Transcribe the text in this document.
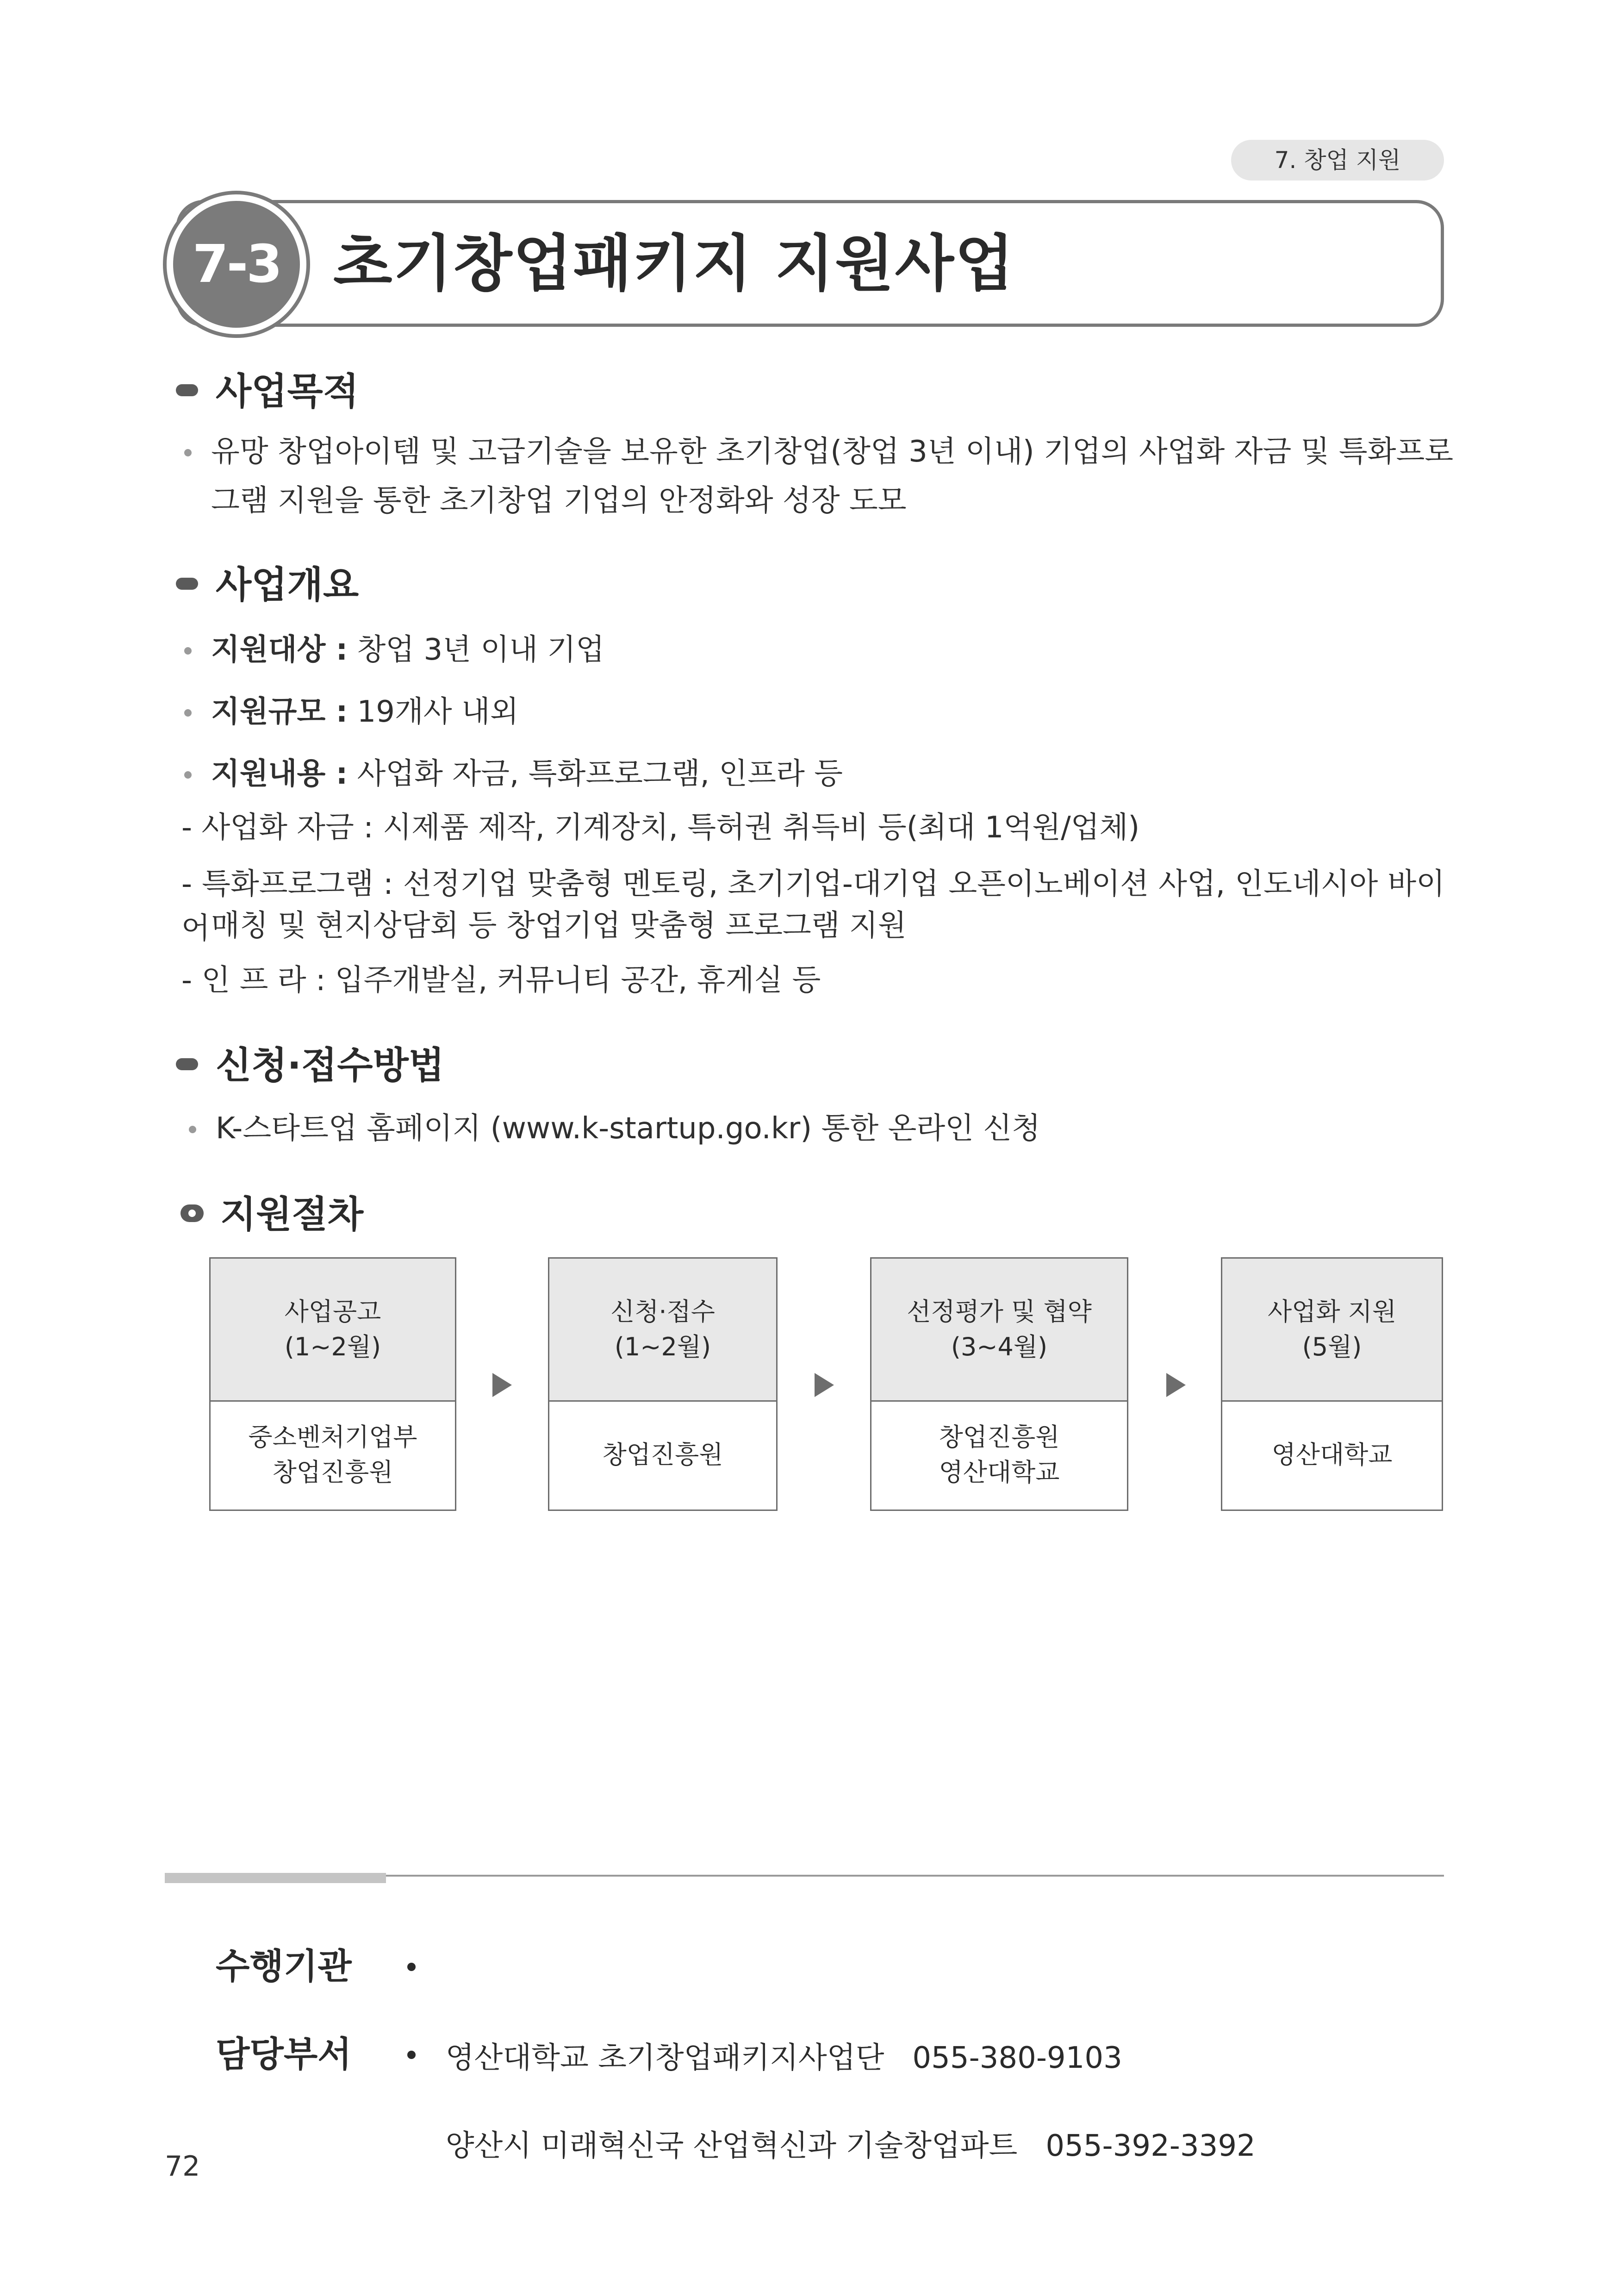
7. 창업 지원
7-3 초기창업패키지 지원사업
사업목적
유망 창업아이템 및 고급기술을 보유한 초기창업(창업 3년 이내) 기업의 사업화 자금 및 특화프로
그램 지원을 통한 초기창업 기업의 안정화와 성장 도모
사업개요
지원대상 : 창업 3년 이내 기업
지원규모 : 19개사 내외
지원내용 : 사업화 자금, 특화프로그램, 인프라 등
- 사업화 자금 : 시제품 제작, 기계장치, 특허권 취득비 등(최대 1억원/업체)
- 특화프로그램 : 선정기업 맞춤형 멘토링, 초기기업-대기업 오픈이노베이션 사업, 인도네시아 바이어 매칭 및 현지상담회 등 창업기업 맞춤형 프로그램 지원
- 인 프 라 : 입주개발실, 커뮤니티 공간, 휴게실 등
신청·접수방법
K-스타트업 홈페이지 (www.k-startup.go.kr) 통한 온라인 신청
지원절차
사업공고
(1~2월)
중소벤처기업부
창업진흥원
신청·접수
(1~2월)
창업진흥원
선정평가 및 협약
(3~4월)
창업진흥원
영산대학교
사업화 지원
(5월)
영산대학교
수행기관

영산대학교 초기창업패키지사업단   055-380-9103

담당부서

양산시 미래혁신국 산업혁신과 기술창업파트   055-392-3392

72
